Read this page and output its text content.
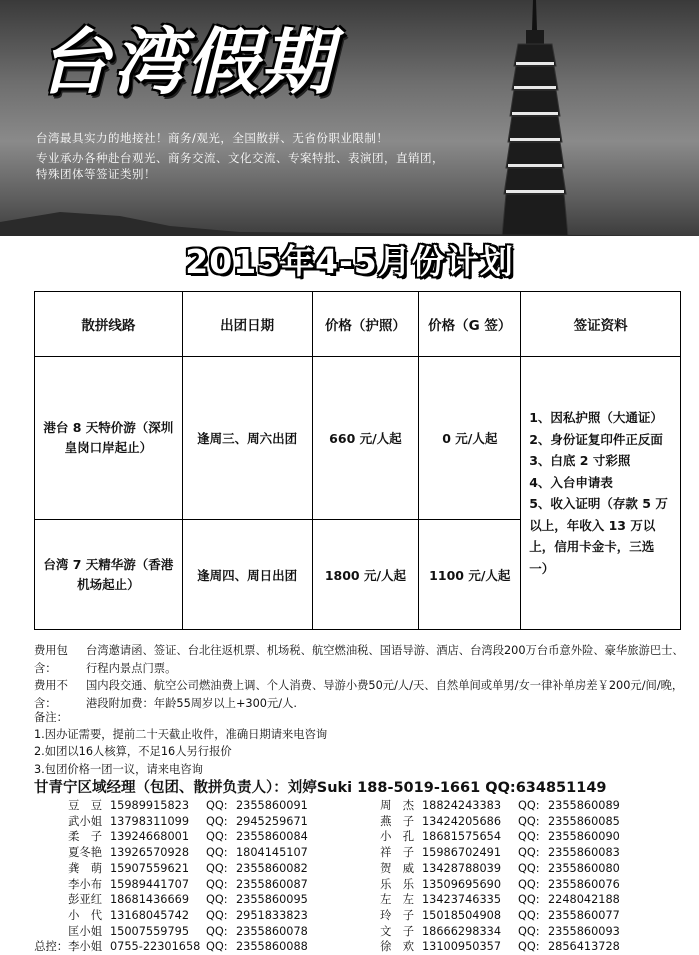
台湾假期
台湾最具实力的地接社！商务/观光，全国散拼、无省份职业限制！
专业承办各种赴台观光、商务交流、文化交流、专案特批、表演团，直销团，
特殊团体等签证类别！
2015年4-5月份计划
散拼线路	出团日期	价格（护照）	价格（G 签）	签证资料
港台 8 天特价游（深圳皇岗口岸起止）	逢周三、周六出团	660 元/人起	0 元/人起	1、因私护照（大通证）
2、身份证复印件正反面
3、白底 2 寸彩照
4、入台申请表
5、收入证明（存款 5 万以上，年收入 13 万以上，信用卡金卡，三选一）

台湾 7 天精华游（香港机场起止）	逢周四、周日出团	1800 元/人起	1100 元/人起	
费用包含：
台湾邀请函、签证、台北往返机票、机场税、航空燃油税、国语导游、酒店、台湾段200万台币意外险、豪华旅游巴士、行程内景点门票。
费用不含：
国内段交通、航空公司燃油费上调、个人消费、导游小费50元/人/天、自然单间或单男/女一律补单房差￥200元/间/晚，港段附加费：年龄55周岁以上+300元/人.
备注：
1.因办证需要，提前二十天截止收件，准确日期请来电咨询
2.如团以16人核算，不足16人另行报价
3.包团价格一团一议，请来电咨询
甘青宁区域经理（包团、散拼负责人）：刘婷Suki 188-5019-1661 QQ:634851149
豆　豆 15989915823	QQ: 2355860091
武小姐 13798311099	QQ: 2945259671
柔　子 13924668001	QQ: 2355860084
夏冬艳 13926570928	QQ: 1804145107
龚　萌 15907559621	QQ: 2355860082
李小布 15989441707	QQ: 2355860087
彭亚红 18681436669	QQ: 2355860095
小　代 13168045742	QQ: 2951833823
匡小姐 15007559795	QQ: 2355860078
总控：李小姐 0755-22301658 QQ: 2355860088
周　杰 18824243383	QQ: 2355860089
燕　子 13424205686	QQ: 2355860085
小　孔 18681575654	QQ: 2355860090
祥　子 15986702491	QQ: 2355860083
贺　威 13428788039	QQ: 2355860080
乐　乐 13509695690	QQ: 2355860076
左　左 13423746335	QQ: 2248042188
玲　子 15018504908	QQ: 2355860077
文　子 18666298334	QQ: 2355860093
徐　欢 13100950357	QQ: 2856413728
